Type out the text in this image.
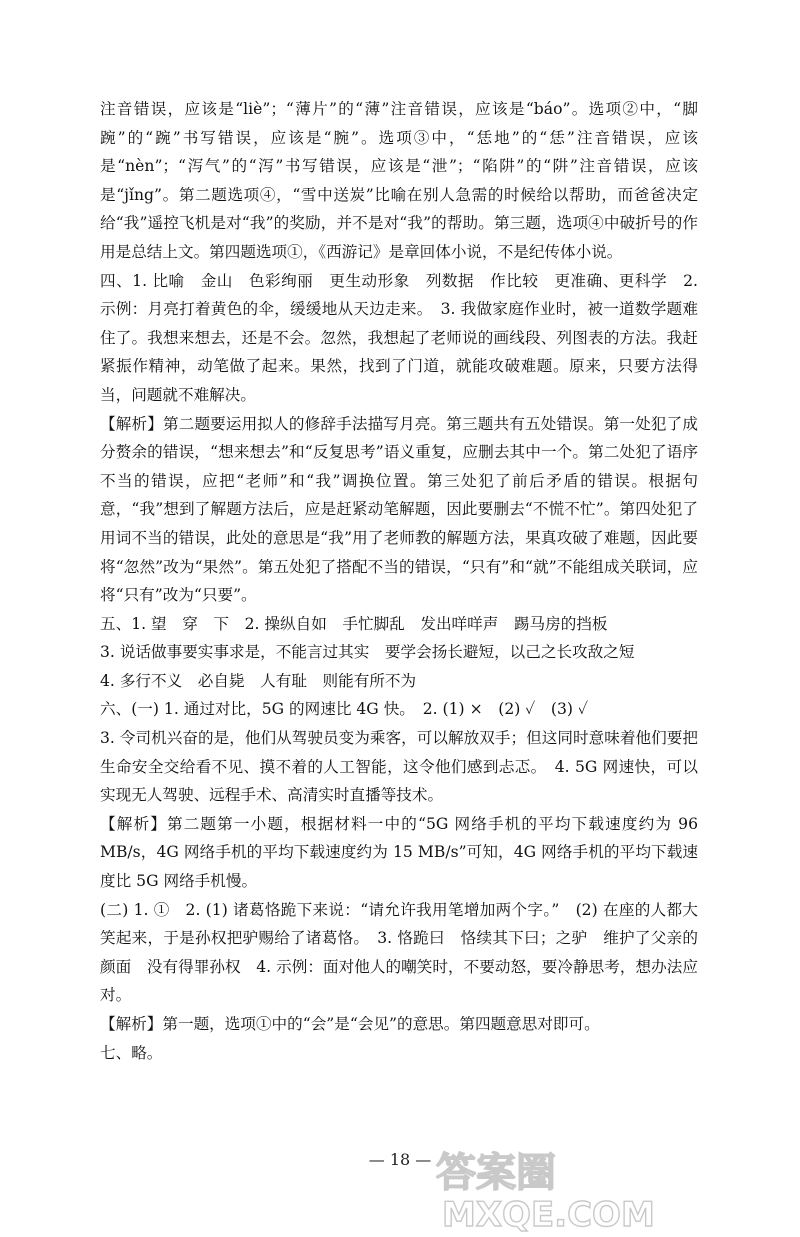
注音错误，应该是“liè”；“薄片”的“薄”注音错误，应该是“báo”。选项②中，“脚踠”的“踠”书写错误，应该是“腕”。选项③中，“恁地”的“恁”注音错误，应该是“nèn”；“泻气”的“泻”书写错误，应该是“泄”；“陷阱”的“阱”注音错误，应该是“jǐng”。第二题选项④，“雪中送炭”比喻在别人急需的时候给以帮助，而爸爸决定给“我”遥控飞机是对“我”的奖励，并不是对“我”的帮助。第三题，选项④中破折号的作用是总结上文。第四题选项①，《西游记》是章回体小说，不是纪传体小说。

四、1. 比喻　金山　色彩绚丽　更生动形象　列数据　作比较　更准确、更科学　2. 示例：月亮打着黄色的伞，缓缓地从天边走来。　3. 我做家庭作业时，被一道数学题难住了。我想来想去，还是不会。忽然，我想起了老师说的画线段、列图表的方法。我赶紧振作精神，动笔做了起来。果然，找到了门道，就能攻破难题。原来，只要方法得当，问题就不难解决。

【解析】第二题要运用拟人的修辞手法描写月亮。第三题共有五处错误。第一处犯了成分赘余的错误，“想来想去”和“反复思考”语义重复，应删去其中一个。第二处犯了语序不当的错误，应把“老师”和“我”调换位置。第三处犯了前后矛盾的错误。根据句意，“我”想到了解题方法后，应是赶紧动笔解题，因此要删去“不慌不忙”。第四处犯了用词不当的错误，此处的意思是“我”用了老师教的解题方法，果真攻破了难题，因此要将“忽然”改为“果然”。第五处犯了搭配不当的错误，“只有”和“就”不能组成关联词，应将“只有”改为“只要”。

五、1. 望　穿　下　2. 操纵自如　手忙脚乱　发出咩咩声　踢马房的挡板

3. 说话做事要实事求是，不能言过其实　要学会扬长避短，以己之长攻敌之短

4. 多行不义　必自毙　人有耻　则能有所不为

六、(一) 1. 通过对比，5G 的网速比 4G 快。　2. (1) ×　(2) ✓　(3) ✓

3. 令司机兴奋的是，他们从驾驶员变为乘客，可以解放双手；但这同时意味着他们要把生命安全交给看不见、摸不着的人工智能，这令他们感到忐忑。　4. 5G 网速快，可以实现无人驾驶、远程手术、高清实时直播等技术。

【解析】第二题第一小题，根据材料一中的“5G 网络手机的平均下载速度约为 96 MB/s，4G 网络手机的平均下载速度约为 15 MB/s”可知，4G 网络手机的平均下载速度比 5G 网络手机慢。

(二) 1. ①　2. (1) 诸葛恪跪下来说：“请允许我用笔增加两个字。”　(2) 在座的人都大笑起来，于是孙权把驴赐给了诸葛恪。　3. 恪跪曰　恪续其下曰；之驴　维护了父亲的颜面　没有得罪孙权　4. 示例：面对他人的嘲笑时，不要动怒，要冷静思考，想办法应对。

【解析】第一题，选项①中的“会”是“会见”的意思。第四题意思对即可。

七、略。

— 18 — 答案圈
MXQE.COM
